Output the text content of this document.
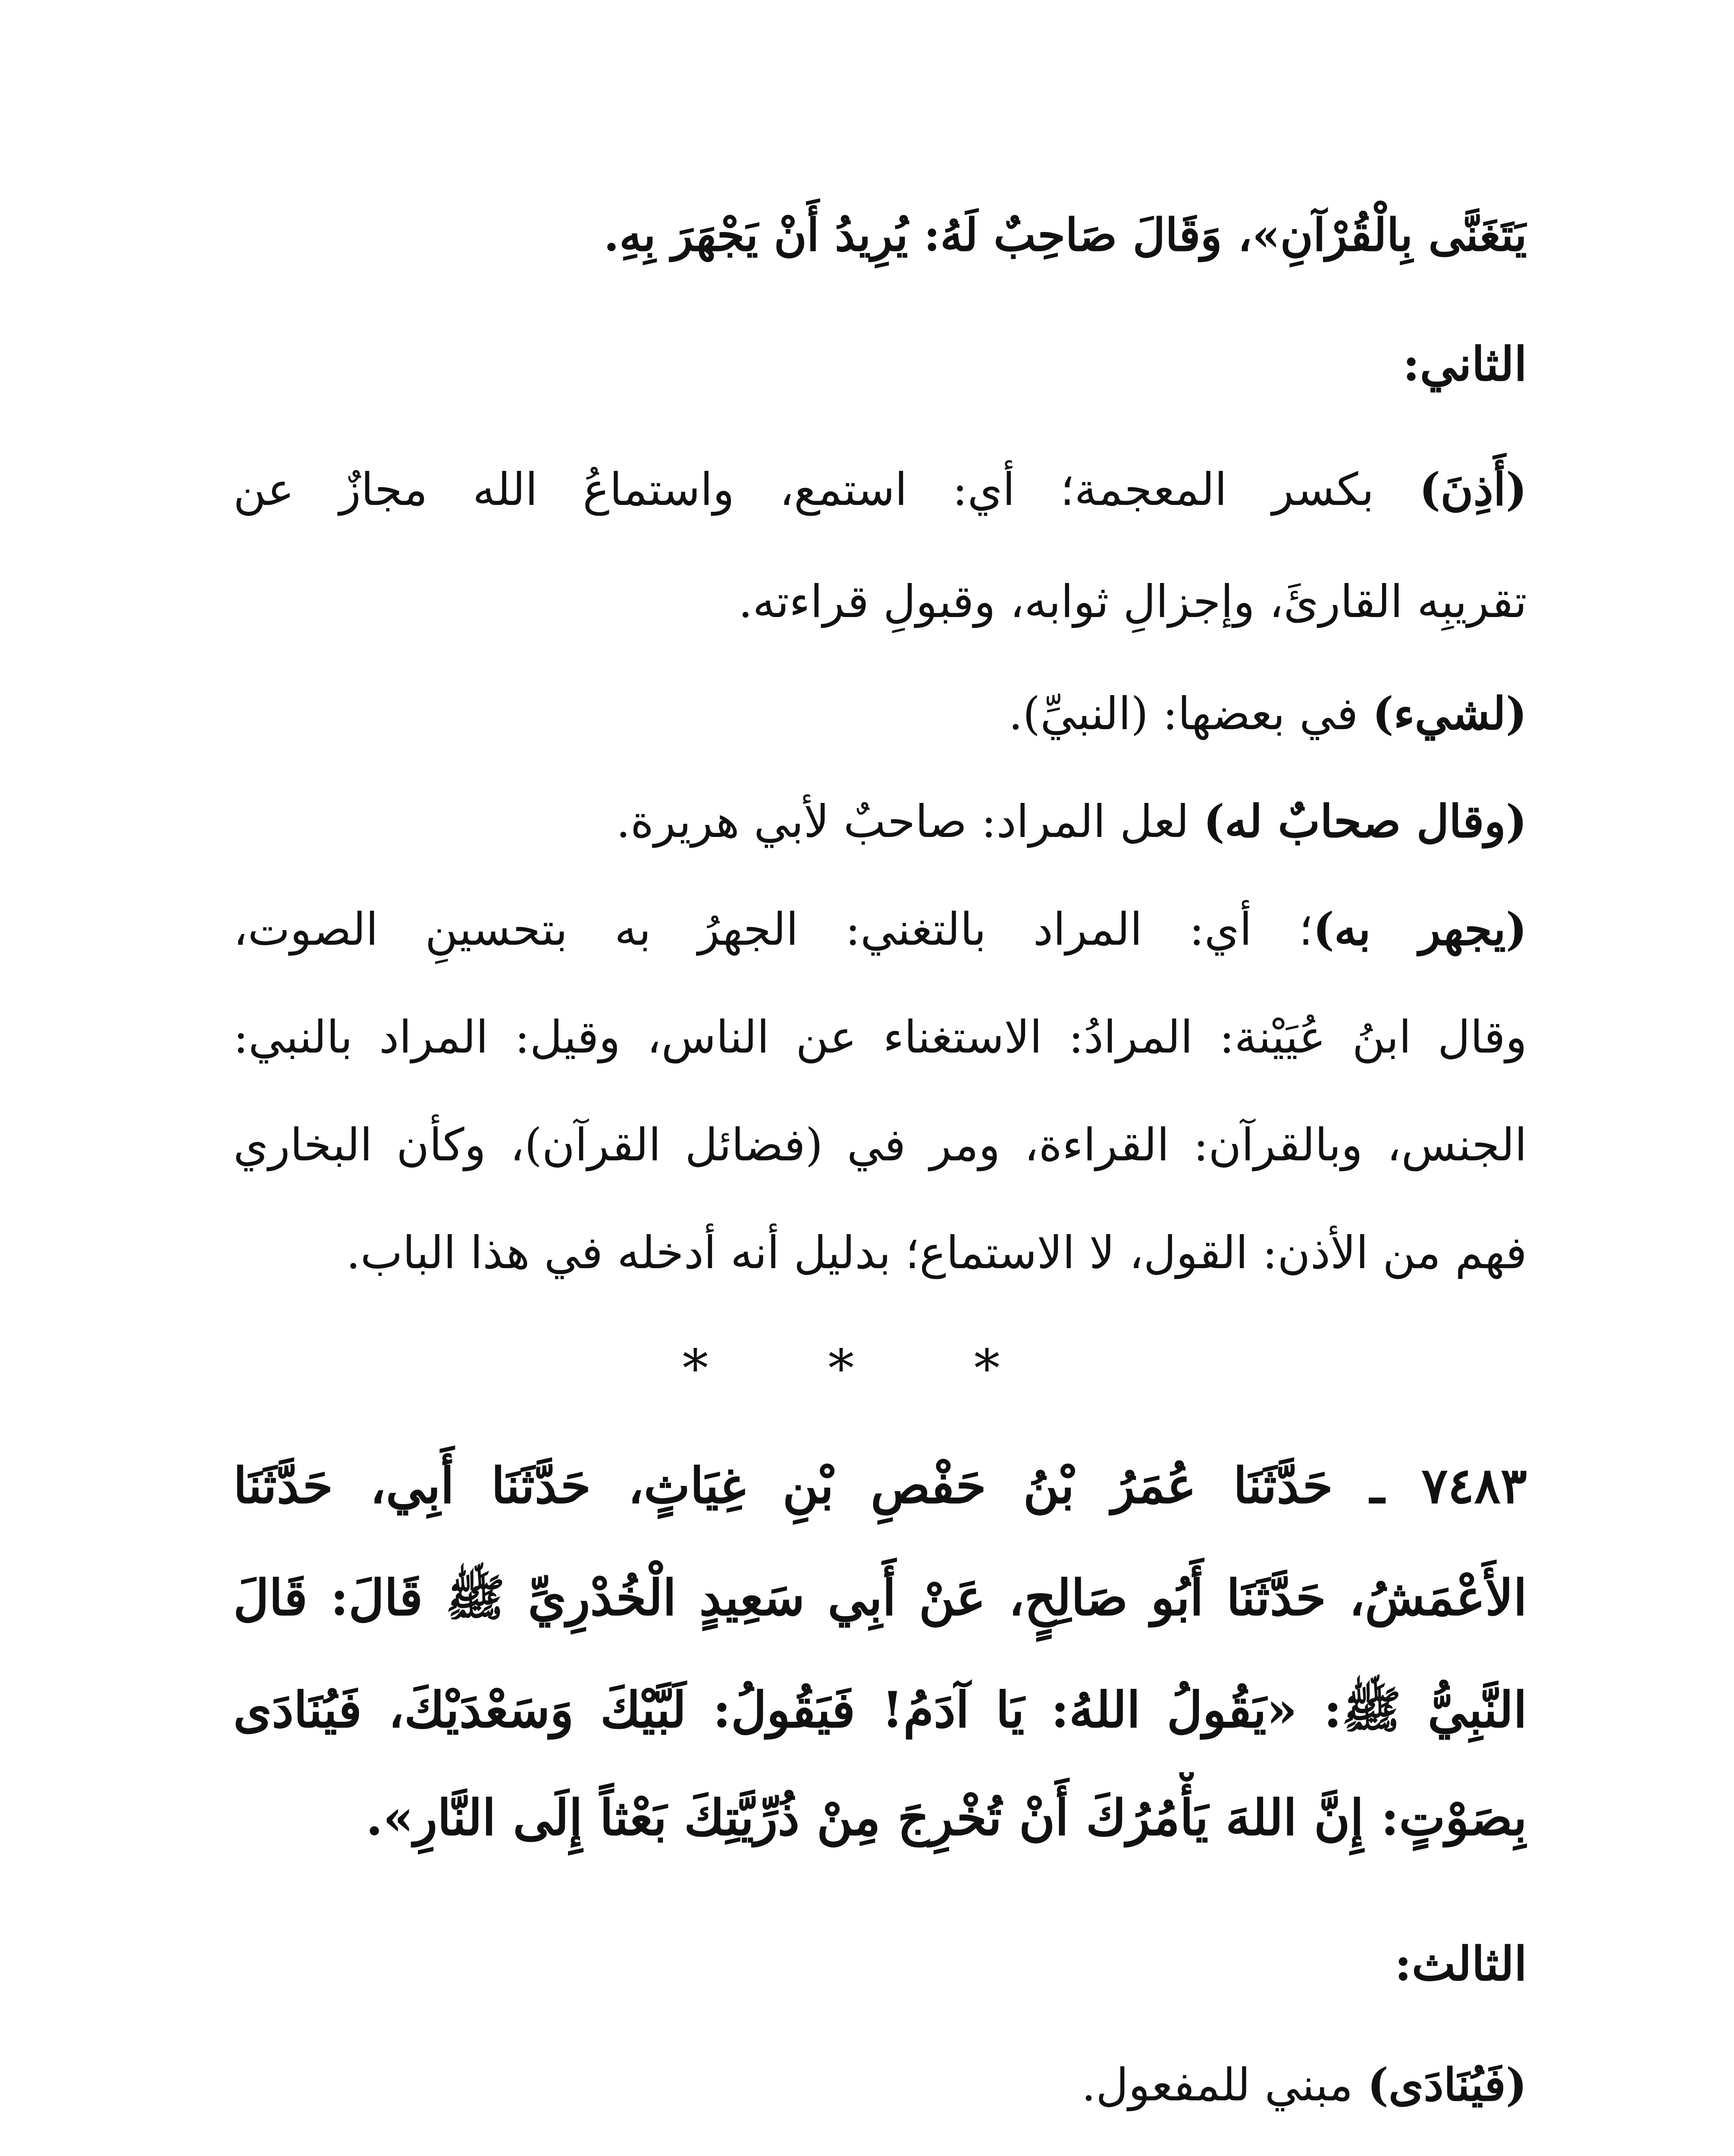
يَتَغَنَّى بِالْقُرْآنِ»، وَقَالَ صَاحِبٌ لَهُ: يُرِيدُ أَنْ يَجْهَرَ بِهِ.
الثاني:
(أَذِنَ) بكسر المعجمة؛ أي: استمع، واستماعُ الله مجازٌ عن
تقريبِه القارئَ، وإجزالِ ثوابه، وقبولِ قراءته.
(لشيء) في بعضها: (النبيِّ).
(وقال صحابٌ له) لعل المراد: صاحبٌ لأبي هريرة.
(يجهر به)؛ أي: المراد بالتغني: الجهرُ به بتحسينِ الصوت،
وقال ابنُ عُيَيْنة: المرادُ: الاستغناء عن الناس، وقيل: المراد بالنبي:
الجنس، وبالقرآن: القراءة، ومر في (فضائل القرآن)، وكأن البخاري
فهم من الأذن: القول، لا الاستماع؛ بدليل أنه أدخله في هذا الباب.
* * *
٧٤٨٣ ـ حَدَّثَنَا عُمَرُ بْنُ حَفْصِ بْنِ غِيَاثٍ، حَدَّثَنَا أَبِي، حَدَّثَنَا
الأَعْمَشُ، حَدَّثَنَا أَبُو صَالِحٍ، عَنْ أَبِي سَعِيدٍ الْخُدْرِيِّ ﷺ قَالَ: قَالَ
النَّبِيُّ ﷺ: «يَقُولُ اللهُ: يَا آدَمُ! فَيَقُولُ: لَبَّيْكَ وَسَعْدَيْكَ، فَيُنَادَى
بِصَوْتٍ: إِنَّ اللهَ يَأْمُرُكَ أَنْ تُخْرِجَ مِنْ ذُرِّيَّتِكَ بَعْثاً إِلَى النَّارِ».
الثالث:
(فَيُنَادَى) مبني للمفعول.
